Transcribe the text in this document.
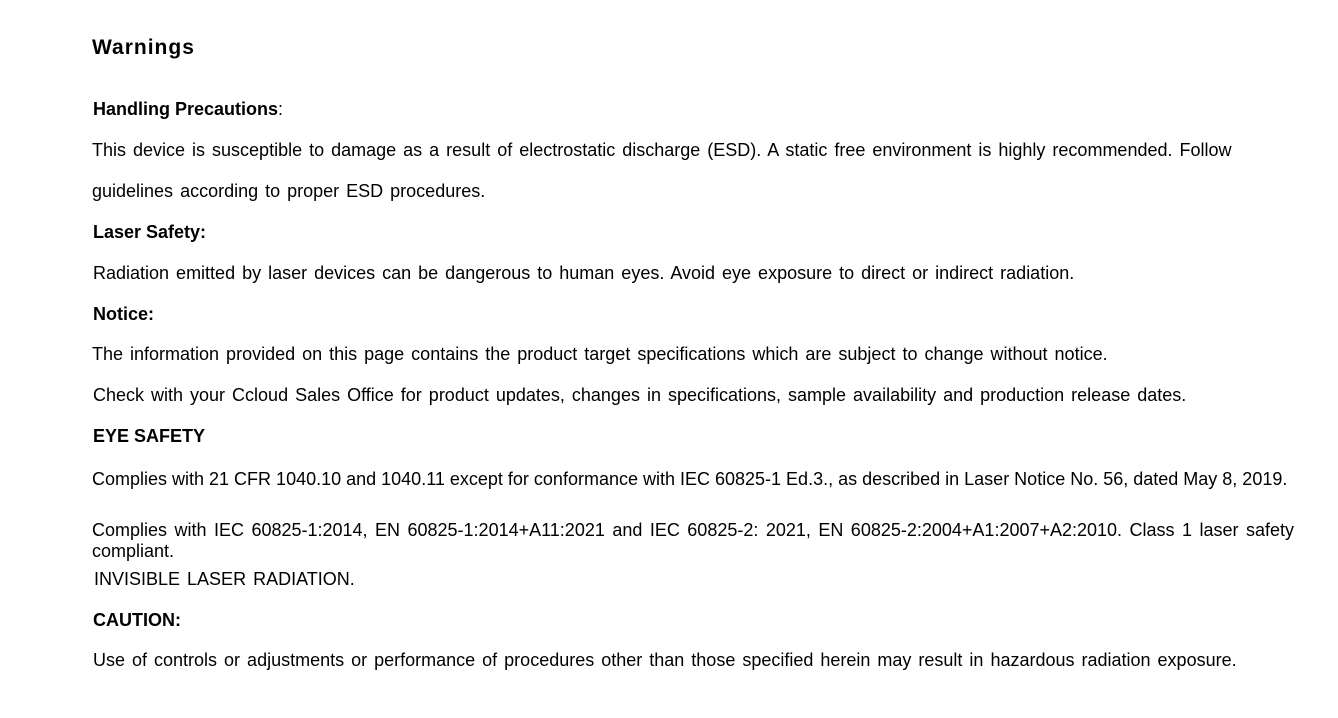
Warnings
Handling Precautions:
This device is susceptible to damage as a result of electrostatic discharge (ESD). A static free environment is highly recommended. Follow
guidelines according to proper ESD procedures.
Laser Safety:
Radiation emitted by laser devices can be dangerous to human eyes. Avoid eye exposure to direct or indirect radiation.
Notice:
The information provided on this page contains the product target specifications which are subject to change without notice.
Check with your Ccloud Sales Office for product updates, changes in specifications, sample availability and production release dates.
EYE SAFETY
Complies with 21 CFR 1040.10 and 1040.11 except for conformance with IEC 60825-1 Ed.3., as described in Laser Notice No. 56, dated May 8, 2019.
Complies with IEC 60825-1:2014, EN 60825-1:2014+A11:2021 and IEC 60825-2: 2021, EN 60825-2:2004+A1:2007+A2:2010. Class 1 laser safety compliant.
INVISIBLE LASER RADIATION.
CAUTION:
Use of controls or adjustments or performance of procedures other than those specified herein may result in hazardous radiation exposure.
